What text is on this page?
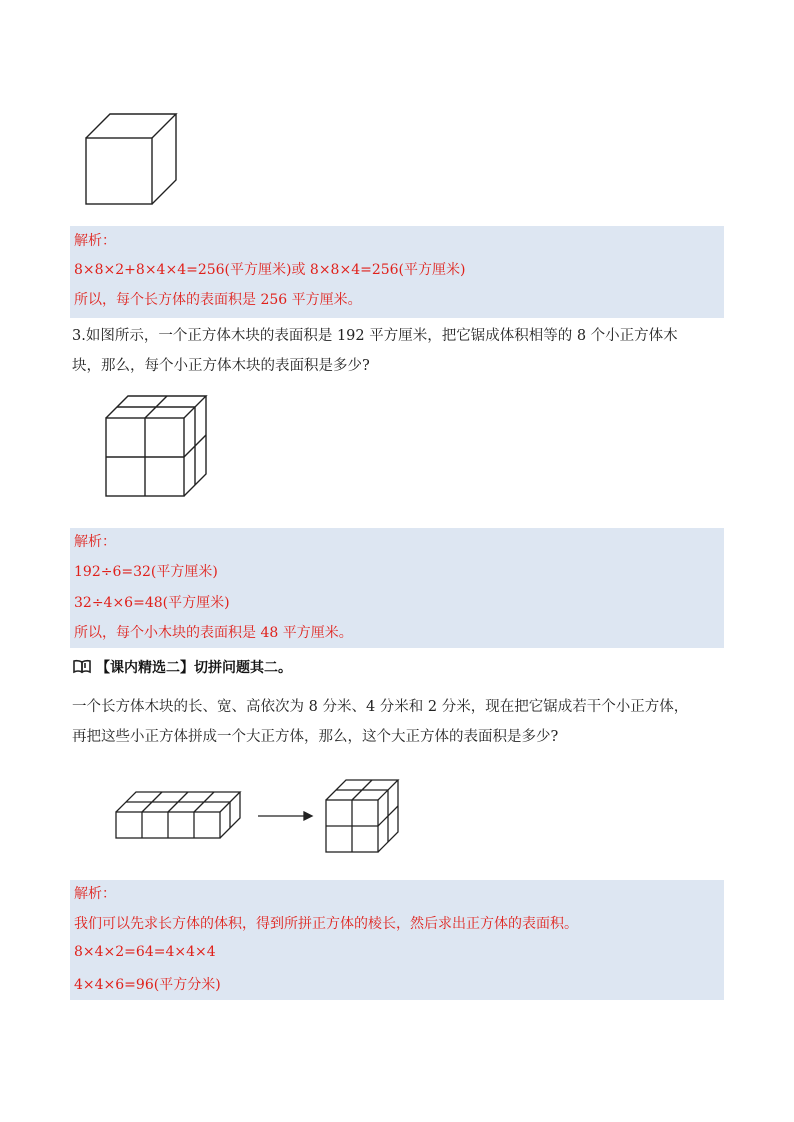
解析：
8×8×2+8×4×4=256(平方厘米)或 8×8×4=256(平方厘米)
所以，每个长方体的表面积是 256 平方厘米。
3.如图所示，一个正方体木块的表面积是 192 平方厘米，把它锯成体积相等的 8 个小正方体木
块，那么，每个小正方体木块的表面积是多少?
解析：
192÷6=32(平方厘米)
32÷4×6=48(平方厘米)
所以，每个小木块的表面积是 48 平方厘米。
【课内精选二】切拼问题其二。
一个长方体木块的长、宽、高依次为 8 分米、4 分米和 2 分米，现在把它锯成若干个小正方体，
再把这些小正方体拼成一个大正方体，那么，这个大正方体的表面积是多少?
解析：
我们可以先求长方体的体积，得到所拼正方体的棱长，然后求出正方体的表面积。
8×4×2=64=4×4×4
4×4×6=96(平方分米)
